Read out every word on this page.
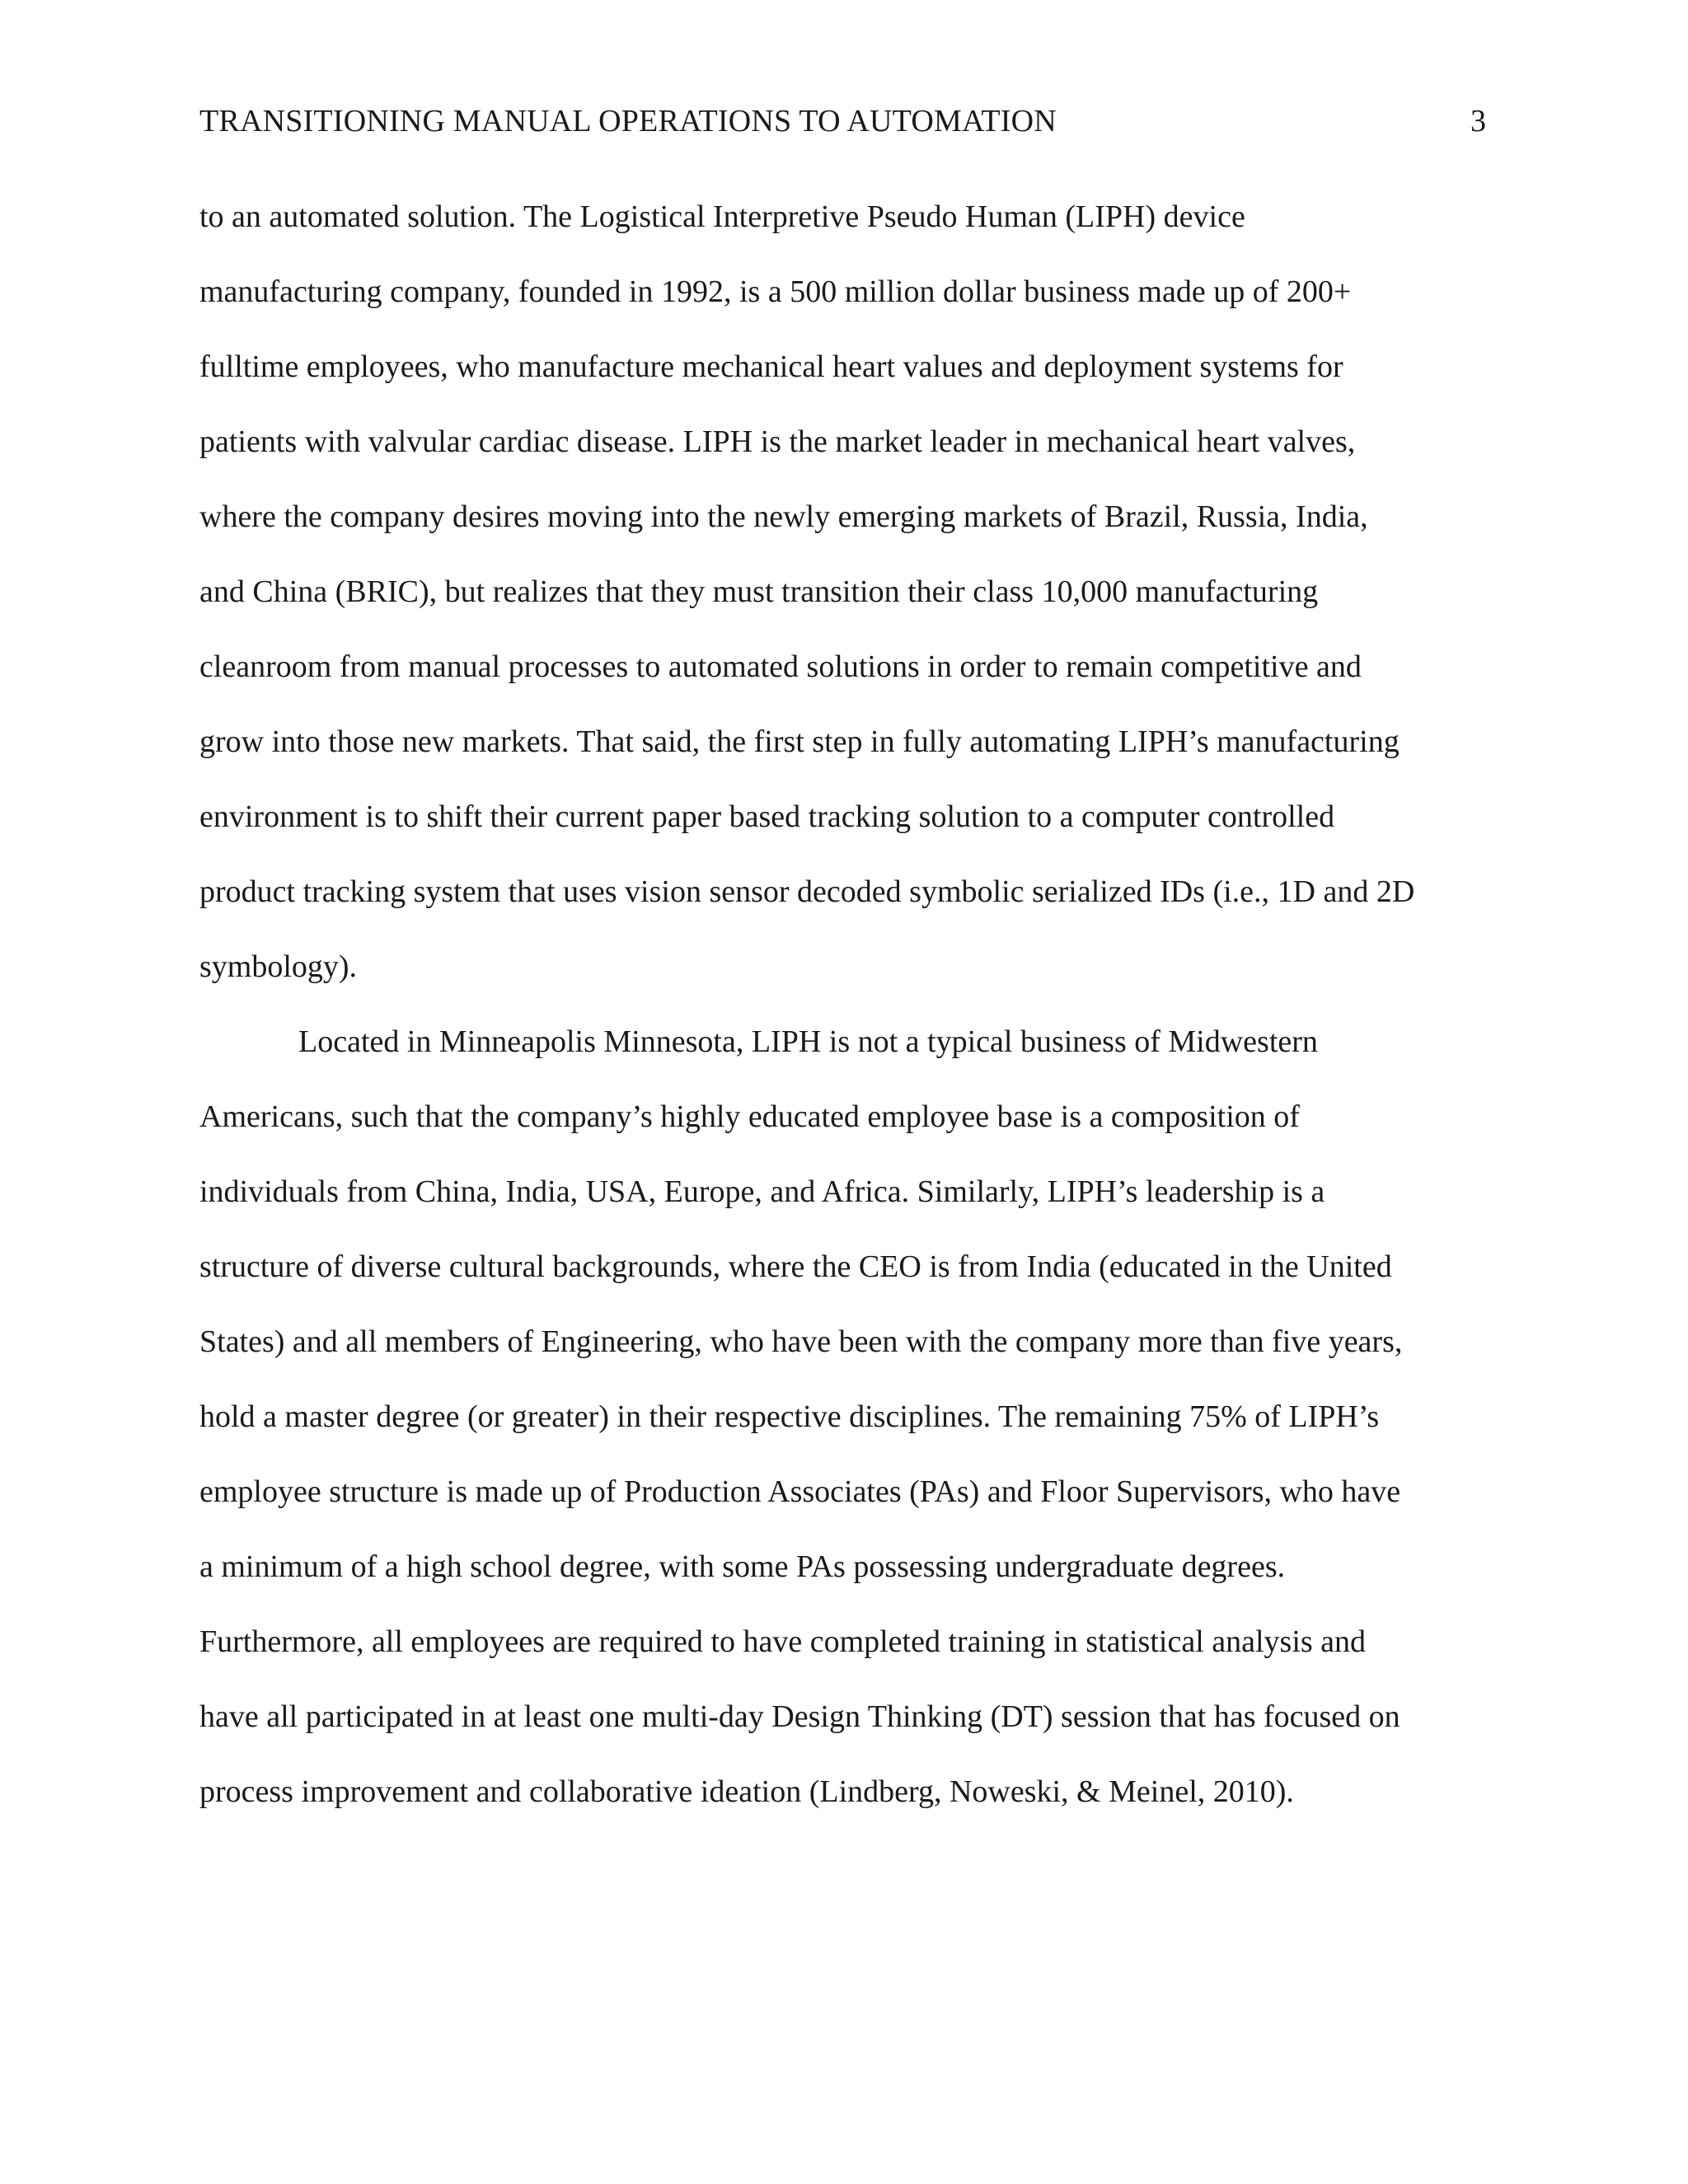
TRANSITIONING MANUAL OPERATIONS TO AUTOMATION	3
to an automated solution. The Logistical Interpretive Pseudo Human (LIPH) device
manufacturing company, founded in 1992, is a 500 million dollar business made up of 200+
fulltime employees, who manufacture mechanical heart values and deployment systems for
patients with valvular cardiac disease. LIPH is the market leader in mechanical heart valves,
where the company desires moving into the newly emerging markets of Brazil, Russia, India,
and China (BRIC), but realizes that they must transition their class 10,000 manufacturing
cleanroom from manual processes to automated solutions in order to remain competitive and
grow into those new markets. That said, the first step in fully automating LIPH’s manufacturing
environment is to shift their current paper based tracking solution to a computer controlled
product tracking system that uses vision sensor decoded symbolic serialized IDs (i.e., 1D and 2D
symbology).
Located in Minneapolis Minnesota, LIPH is not a typical business of Midwestern
Americans, such that the company’s highly educated employee base is a composition of
individuals from China, India, USA, Europe, and Africa. Similarly, LIPH’s leadership is a
structure of diverse cultural backgrounds, where the CEO is from India (educated in the United
States) and all members of Engineering, who have been with the company more than five years,
hold a master degree (or greater) in their respective disciplines. The remaining 75% of LIPH’s
employee structure is made up of Production Associates (PAs) and Floor Supervisors, who have
a minimum of a high school degree, with some PAs possessing undergraduate degrees.
Furthermore, all employees are required to have completed training in statistical analysis and
have all participated in at least one multi-day Design Thinking (DT) session that has focused on
process improvement and collaborative ideation (Lindberg, Noweski, & Meinel, 2010).
